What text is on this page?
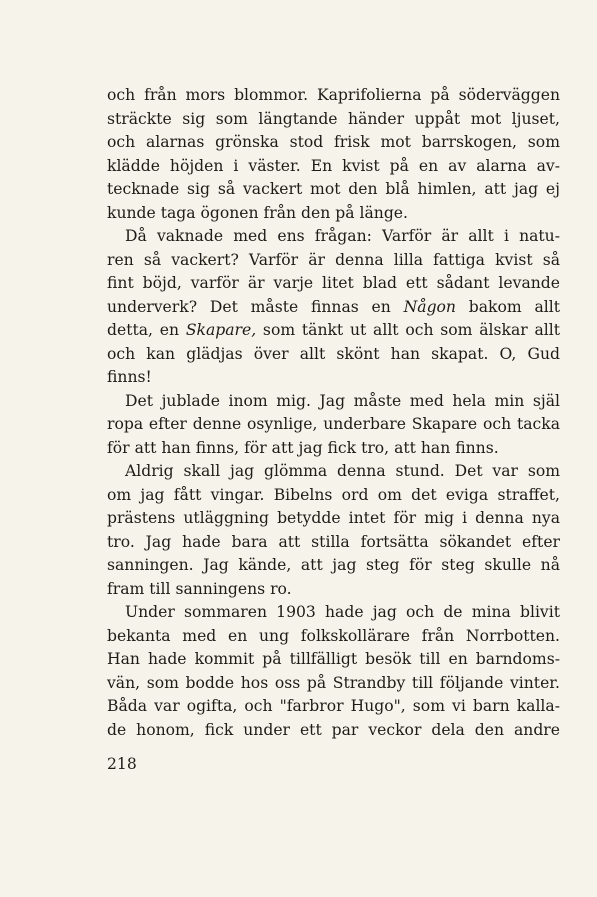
och från mors blommor. Kaprifolierna på söderväggen
sträckte sig som längtande händer uppåt mot ljuset,
och alarnas grönska stod frisk mot barrskogen, som
klädde höjden i väster. En kvist på en av alarna av-
tecknade sig så vackert mot den blå himlen, att jag ej
kunde taga ögonen från den på länge.
Då vaknade med ens frågan: Varför är allt i natu-
ren så vackert? Varför är denna lilla fattiga kvist så
fint böjd, varför är varje litet blad ett sådant levande
underverk? Det måste finnas en Någon bakom allt
detta, en Skapare, som tänkt ut allt och som älskar allt
och kan glädjas över allt skönt han skapat. O, Gud
finns!
Det jublade inom mig. Jag måste med hela min själ
ropa efter denne osynlige, underbare Skapare och tacka
för att han finns, för att jag fick tro, att han finns.
Aldrig skall jag glömma denna stund. Det var som
om jag fått vingar. Bibelns ord om det eviga straffet,
prästens utläggning betydde intet för mig i denna nya
tro. Jag hade bara att stilla fortsätta sökandet efter
sanningen. Jag kände, att jag steg för steg skulle nå
fram till sanningens ro.
Under sommaren 1903 hade jag och de mina blivit
bekanta med en ung folkskollärare från Norrbotten.
Han hade kommit på tillfälligt besök till en barndoms-
vän, som bodde hos oss på Strandby till följande vinter.
Båda var ogifta, och "farbror Hugo", som vi barn kalla-
de honom, fick under ett par veckor dela den andre
218
